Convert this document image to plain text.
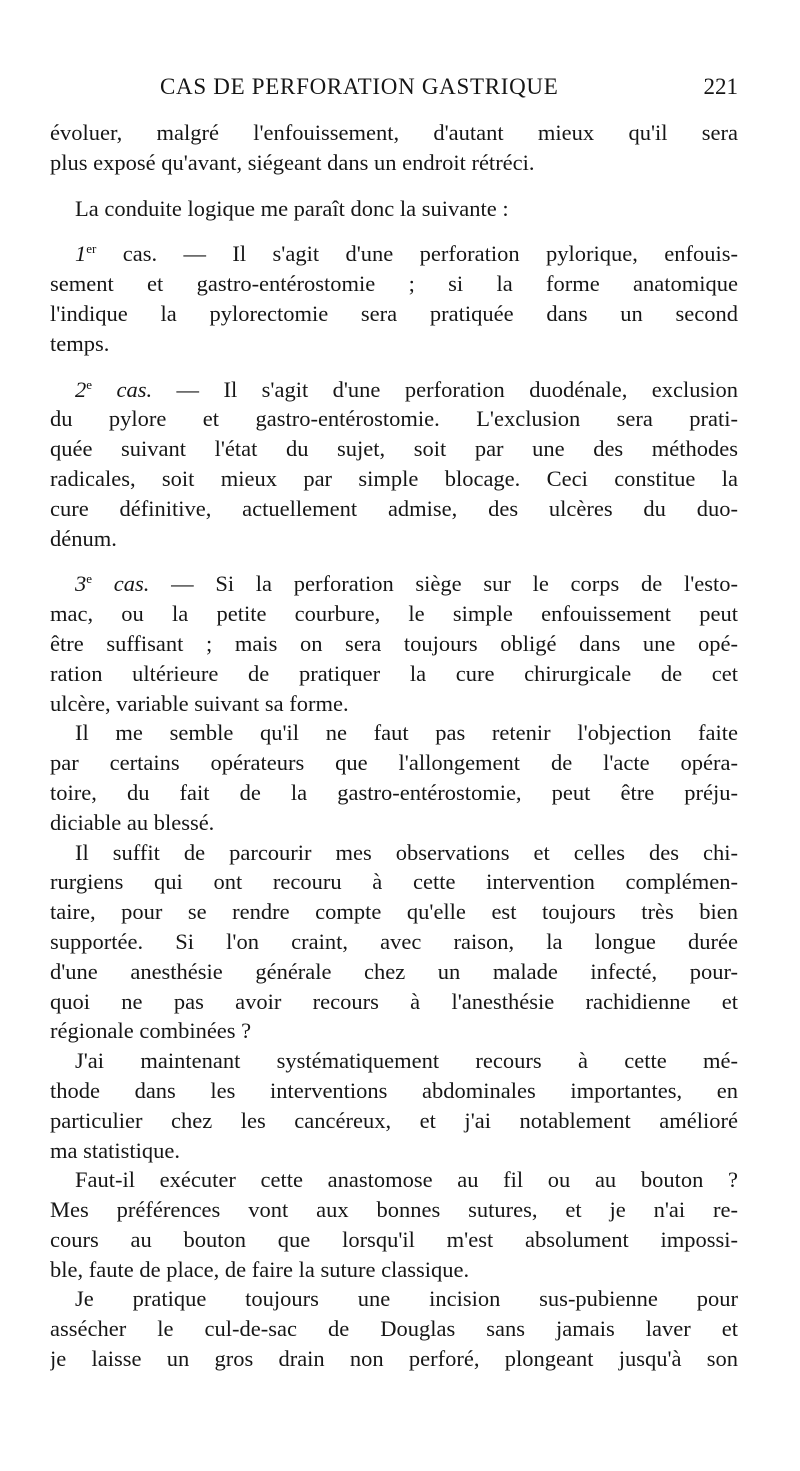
CAS DE PERFORATION GASTRIQUE	221
évoluer, malgré l'enfouissement, d'autant mieux qu'il sera
plus exposé qu'avant, siégeant dans un endroit rétréci.
La conduite logique me paraît donc la suivante :
1er cas. — Il s'agit d'une perforation pylorique, enfouis-
sement et gastro-entérostomie ; si la forme anatomique
l'indique la pylorectomie sera pratiquée dans un second
temps.
2e cas. — Il s'agit d'une perforation duodénale, exclusion
du pylore et gastro-entérostomie. L'exclusion sera prati-
quée suivant l'état du sujet, soit par une des méthodes
radicales, soit mieux par simple blocage. Ceci constitue la
cure définitive, actuellement admise, des ulcères du duo-
dénum.
3e cas. — Si la perforation siège sur le corps de l'esto-
mac, ou la petite courbure, le simple enfouissement peut
être suffisant ; mais on sera toujours obligé dans une opé-
ration ultérieure de pratiquer la cure chirurgicale de cet
ulcère, variable suivant sa forme.
Il me semble qu'il ne faut pas retenir l'objection faite
par certains opérateurs que l'allongement de l'acte opéra-
toire, du fait de la gastro-entérostomie, peut être préju-
diciable au blessé.
Il suffit de parcourir mes observations et celles des chi-
rurgiens qui ont recouru à cette intervention complémen-
taire, pour se rendre compte qu'elle est toujours très bien
supportée. Si l'on craint, avec raison, la longue durée
d'une anesthésie générale chez un malade infecté, pour-
quoi ne pas avoir recours à l'anesthésie rachidienne et
régionale combinées ?
J'ai maintenant systématiquement recours à cette mé-
thode dans les interventions abdominales importantes, en
particulier chez les cancéreux, et j'ai notablement amélioré
ma statistique.
Faut-il exécuter cette anastomose au fil ou au bouton ?
Mes préférences vont aux bonnes sutures, et je n'ai re-
cours au bouton que lorsqu'il m'est absolument impossi-
ble, faute de place, de faire la suture classique.
Je pratique toujours une incision sus-pubienne pour
assécher le cul-de-sac de Douglas sans jamais laver et
je laisse un gros drain non perforé, plongeant jusqu'à son
